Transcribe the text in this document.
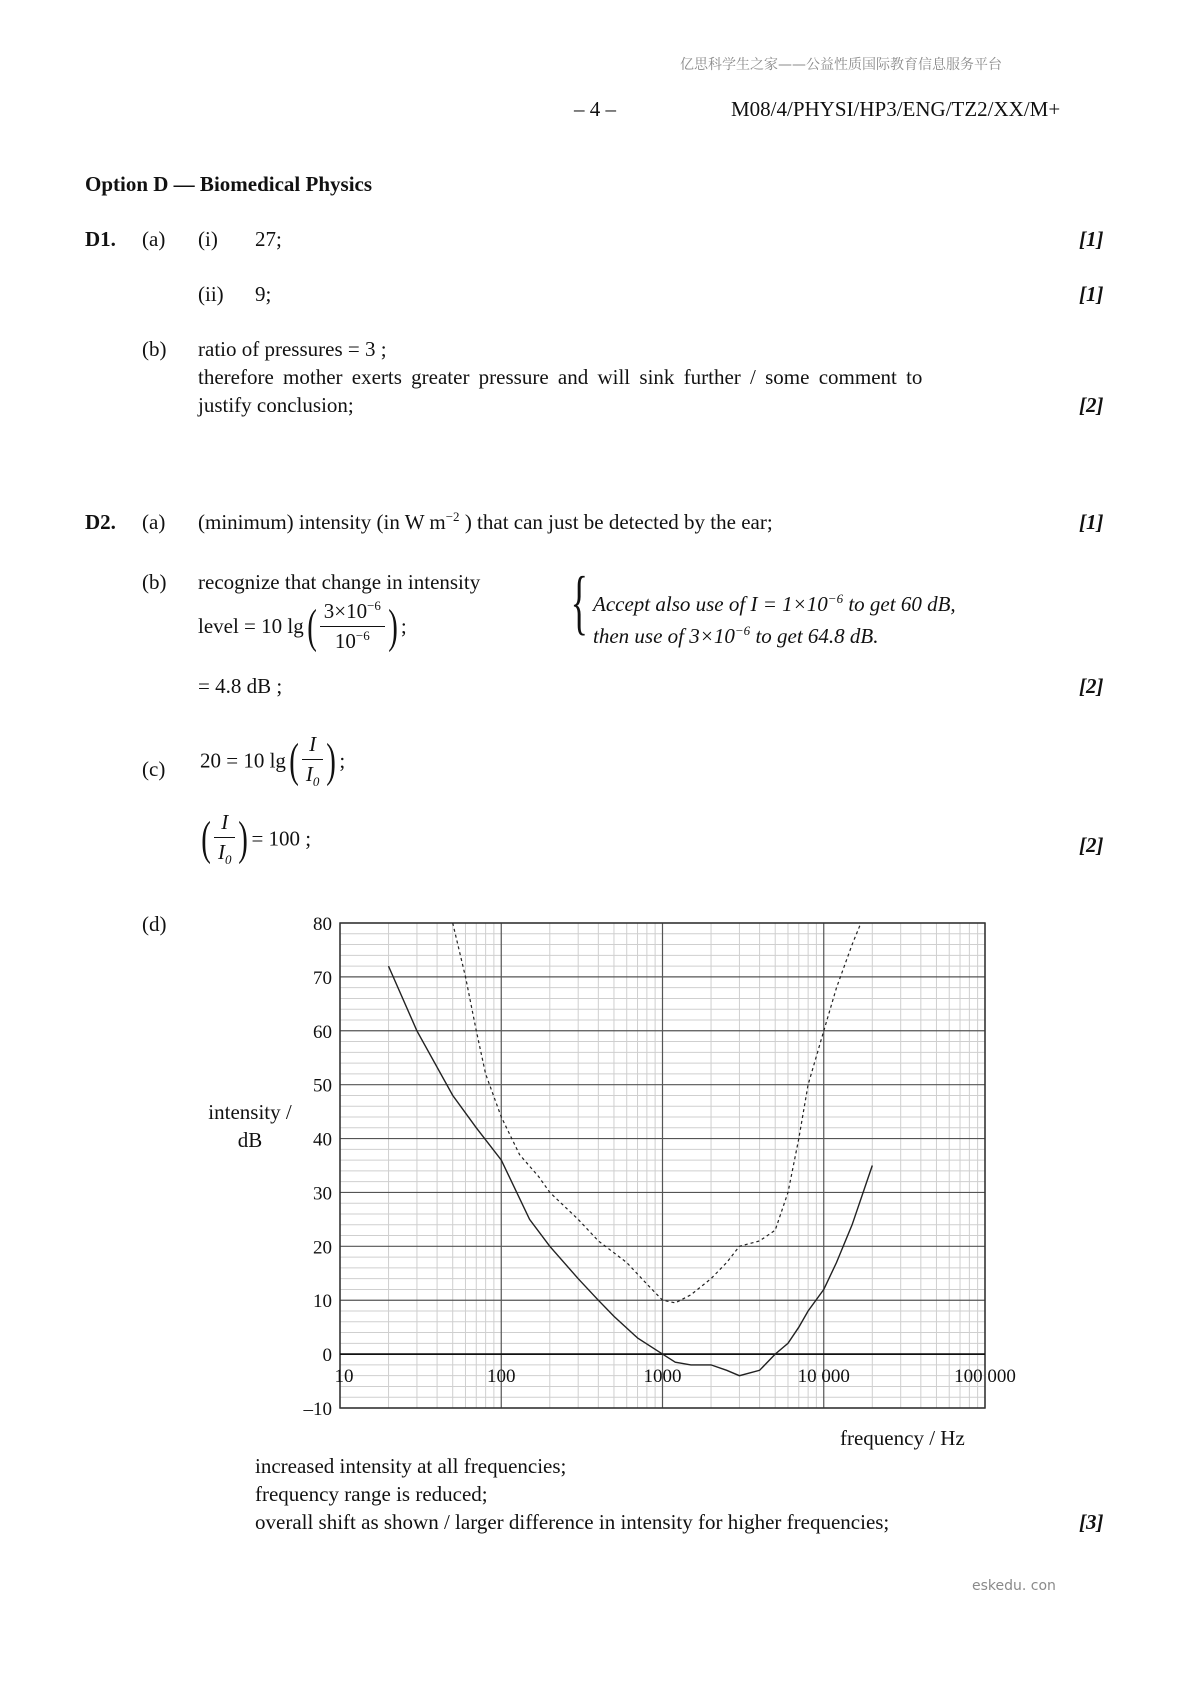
亿思科学生之家——公益性质国际教育信息服务平台
– 4 –	M08/4/PHYSI/HP3/ENG/TZ2/XX/M+
Option D — Biomedical Physics
D1. (a) (i) 27;	[1]
(ii) 9;	[1]
(b) ratio of pressures = 3 ;
therefore mother exerts greater pressure and will sink further / some comment to
justify conclusion;	[2]
D2. (a) (minimum) intensity (in W $m^{-2}$ ) that can just be detected by the ear;	[1]
(b) recognize that change in intensity
level = 10 $\lg( \frac{3\times 10^{-6}}{10^{-6}}$ ) ; { Accept also use of $I = 1\times 10^{-6}$ to get 60 dB,
then use of $3\times 10^{-6}$ to get 64.8 dB.
= 4.8 dB ;	[2]
(c) 20 = 10 $\lg( \frac{I}{I_0}$ ) ;
( $\frac{I}{I_0}$ ) = 100 ;	[2]
(d)
intensity / dB
frequency / Hz
–10
0
10
20
30
40
50
60
70
80
10	100	1000	10 000	100 000
increased intensity at all frequencies;
frequency range is reduced;
overall shift as shown / larger difference in intensity for higher frequencies;	[3]
eskedu. con
